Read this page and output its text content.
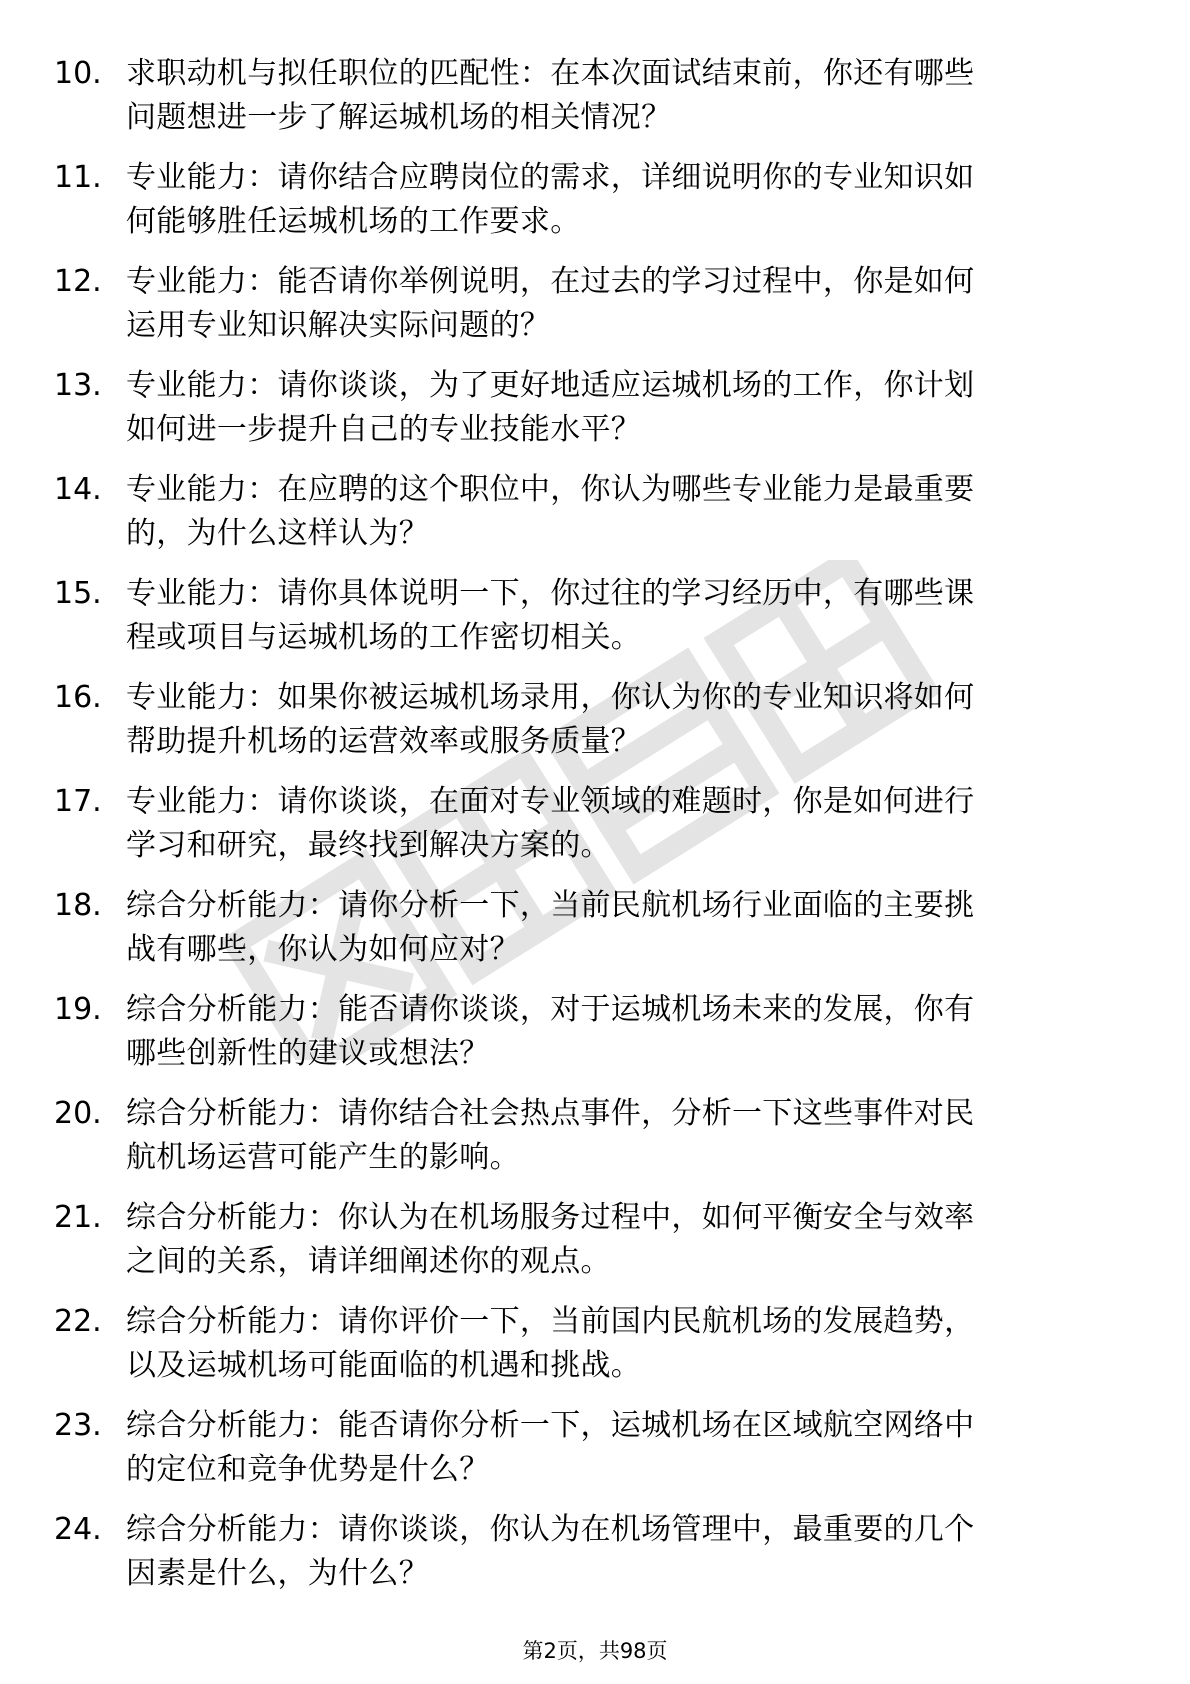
10. 求职动机与拟任职位的匹配性：在本次面试结束前，你还有哪些
问题想进一步了解运城机场的相关情况？
11. 专业能力：请你结合应聘岗位的需求，详细说明你的专业知识如
何能够胜任运城机场的工作要求。
12. 专业能力：能否请你举例说明，在过去的学习过程中，你是如何
运用专业知识解决实际问题的？
13. 专业能力：请你谈谈，为了更好地适应运城机场的工作，你计划
如何进一步提升自己的专业技能水平？
14. 专业能力：在应聘的这个职位中，你认为哪些专业能力是最重要
的，为什么这样认为？
15. 专业能力：请你具体说明一下，你过往的学习经历中，有哪些课
程或项目与运城机场的工作密切相关。
16. 专业能力：如果你被运城机场录用，你认为你的专业知识将如何
帮助提升机场的运营效率或服务质量？
17. 专业能力：请你谈谈，在面对专业领域的难题时，你是如何进行
学习和研究，最终找到解决方案的。
18. 综合分析能力：请你分析一下，当前民航机场行业面临的主要挑
战有哪些，你认为如何应对？
19. 综合分析能力：能否请你谈谈，对于运城机场未来的发展，你有
哪些创新性的建议或想法？
20. 综合分析能力：请你结合社会热点事件，分析一下这些事件对民
航机场运营可能产生的影响。
21. 综合分析能力：你认为在机场服务过程中，如何平衡安全与效率
之间的关系，请详细阐述你的观点。
22. 综合分析能力：请你评价一下，当前国内民航机场的发展趋势，
以及运城机场可能面临的机遇和挑战。
23. 综合分析能力：能否请你分析一下，运城机场在区域航空网络中
的定位和竞争优势是什么？
24. 综合分析能力：请你谈谈，你认为在机场管理中，最重要的几个
因素是什么，为什么？
第2页，共98页
